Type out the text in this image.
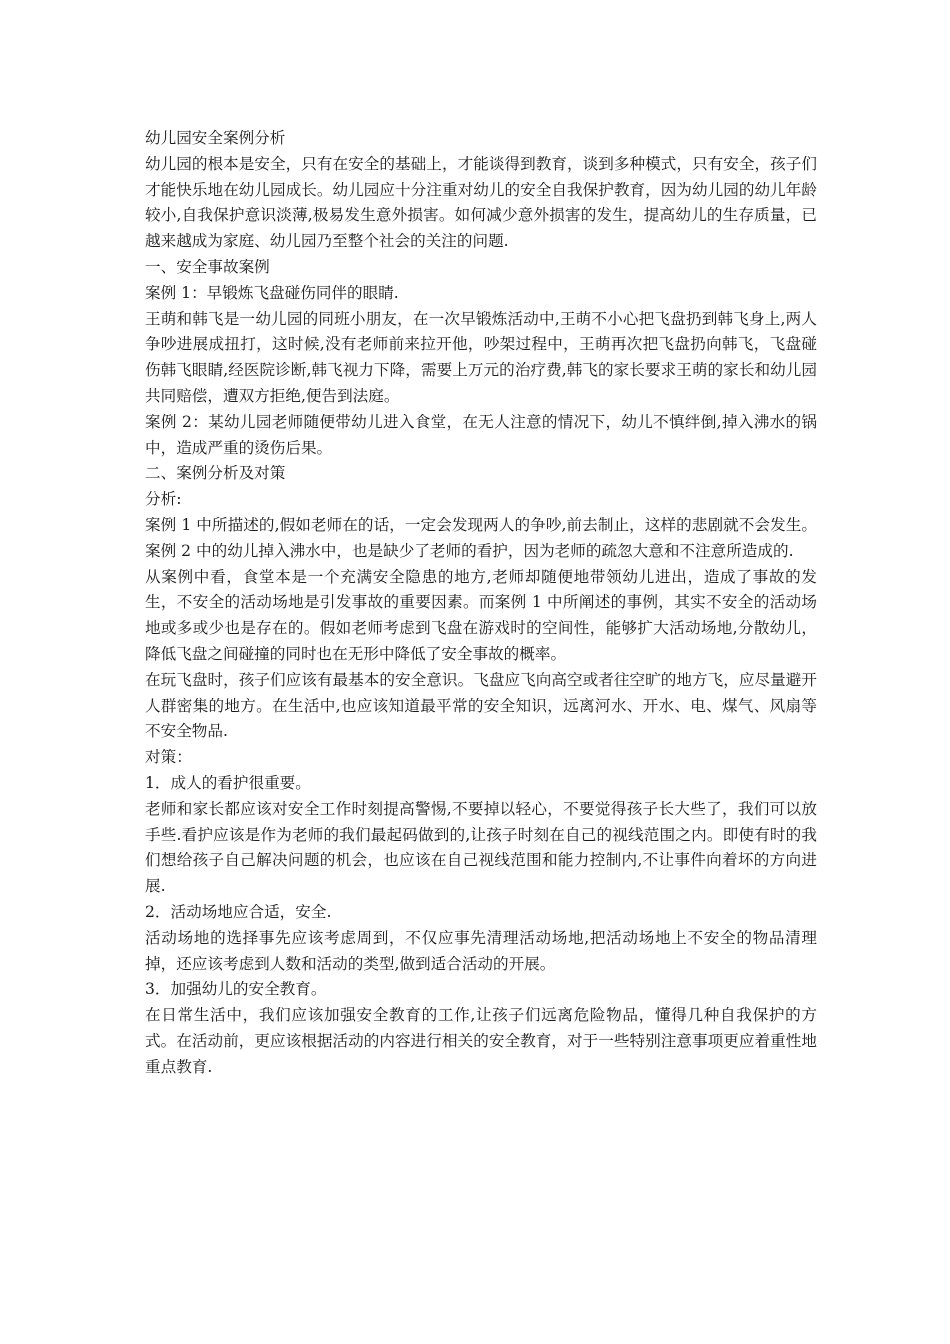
幼儿园安全案例分析

幼儿园的根本是安全，只有在安全的基础上，才能谈得到教育，谈到多种模式，只有安全，孩子们才能快乐地在幼儿园成长。幼儿园应十分注重对幼儿的安全自我保护教育，因为幼儿园的幼儿年龄较小,自我保护意识淡薄,极易发生意外损害。如何减少意外损害的发生，提高幼儿的生存质量，已越来越成为家庭、幼儿园乃至整个社会的关注的问题.

一、安全事故案例

案例 1：早锻炼飞盘碰伤同伴的眼睛.

王萌和韩飞是一幼儿园的同班小朋友，在一次早锻炼活动中,王萌不小心把飞盘扔到韩飞身上,两人争吵进展成扭打，这时候,没有老师前来拉开他，吵架过程中，王萌再次把飞盘扔向韩飞，飞盘碰伤韩飞眼睛,经医院诊断,韩飞视力下降，需要上万元的治疗费,韩飞的家长要求王萌的家长和幼儿园共同赔偿，遭双方拒绝,便告到法庭。

案例 2：某幼儿园老师随便带幼儿进入食堂，在无人注意的情况下，幼儿不慎绊倒,掉入沸水的锅中，造成严重的烫伤后果。

二、案例分析及对策

分析:

案例 1 中所描述的,假如老师在的话，一定会发现两人的争吵,前去制止，这样的悲剧就不会发生。案例 2 中的幼儿掉入沸水中，也是缺少了老师的看护，因为老师的疏忽大意和不注意所造成的.

从案例中看，食堂本是一个充满安全隐患的地方,老师却随便地带领幼儿进出，造成了事故的发生，不安全的活动场地是引发事故的重要因素。而案例 1 中所阐述的事例，其实不安全的活动场地或多或少也是存在的。假如老师考虑到飞盘在游戏时的空间性，能够扩大活动场地,分散幼儿，降低飞盘之间碰撞的同时也在无形中降低了安全事故的概率。

在玩飞盘时，孩子们应该有最基本的安全意识。飞盘应飞向高空或者往空旷的地方飞，应尽量避开人群密集的地方。在生活中,也应该知道最平常的安全知识，远离河水、开水、电、煤气、风扇等不安全物品.

对策：

1．成人的看护很重要。

老师和家长都应该对安全工作时刻提高警惕,不要掉以轻心，不要觉得孩子长大些了，我们可以放手些.看护应该是作为老师的我们最起码做到的,让孩子时刻在自己的视线范围之内。即使有时的我们想给孩子自己解决问题的机会，也应该在自己视线范围和能力控制内,不让事件向着坏的方向进展.

2．活动场地应合适，安全.

活动场地的选择事先应该考虑周到，不仅应事先清理活动场地,把活动场地上不安全的物品清理掉，还应该考虑到人数和活动的类型,做到适合活动的开展。

3．加强幼儿的安全教育。

在日常生活中，我们应该加强安全教育的工作,让孩子们远离危险物品，懂得几种自我保护的方式。在活动前，更应该根据活动的内容进行相关的安全教育，对于一些特别注意事项更应着重性地重点教育.
